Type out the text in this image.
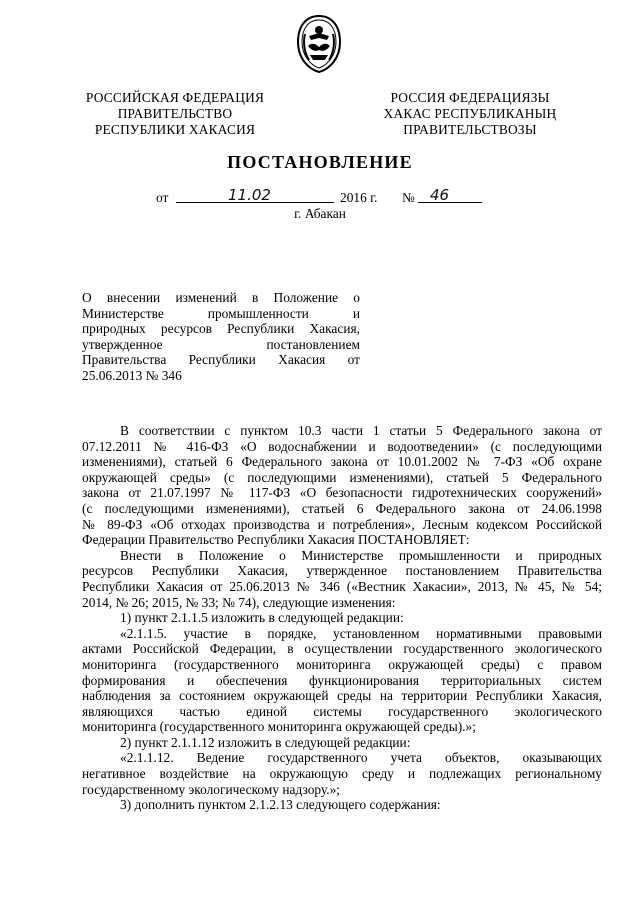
РОССИЙСКАЯ ФЕДЕРАЦИЯ
ПРАВИТЕЛЬСТВО
РЕСПУБЛИКИ ХАКАСИЯ
РОССИЯ ФЕДЕРАЦИЯЗЫ
ХАКАС РЕСПУБЛИКАНЫҢ
ПРАВИТЕЛЬСТВОЗЫ
ПОСТАНОВЛЕНИЕ
от	11.02	2016 г. № 46
г. Абакан
О внесении изменений в Положение о
Министерстве промышленности и
природных ресурсов Республики Хакасия,
утвержденное постановлением
Правительства Республики Хакасия от
25.06.2013 № 346
В соответствии с пунктом 10.3 части 1 статьи 5 Федерального закона от
07.12.2011 № 416-ФЗ «О водоснабжении и водоотведении» (с последующими
изменениями), статьей 6 Федерального закона от 10.01.2002 № 7-ФЗ «Об охране
окружающей среды» (с последующими изменениями), статьей 5 Федерального
закона от 21.07.1997 № 117-ФЗ «О безопасности гидротехнических сооружений»
(с последующими изменениями), статьей 6 Федерального закона от 24.06.1998
№ 89-ФЗ «Об отходах производства и потребления», Лесным кодексом Российской
Федерации Правительство Республики Хакасия ПОСТАНОВЛЯЕТ:
Внести в Положение о Министерстве промышленности и природных
ресурсов Республики Хакасия, утвержденное постановлением Правительства
Республики Хакасия от 25.06.2013 № 346 («Вестник Хакасии», 2013, № 45, № 54;
2014, № 26; 2015, № 33; № 74), следующие изменения:
1) пункт 2.1.1.5 изложить в следующей редакции:
«2.1.1.5. участие в порядке, установленном нормативными правовыми
актами Российской Федерации, в осуществлении государственного экологического
мониторинга (государственного мониторинга окружающей среды) с правом
формирования и обеспечения функционирования территориальных систем
наблюдения за состоянием окружающей среды на территории Республики Хакасия,
являющихся частью единой системы государственного экологического
мониторинга (государственного мониторинга окружающей среды).»;
2) пункт 2.1.1.12 изложить в следующей редакции:
«2.1.1.12. Ведение государственного учета объектов, оказывающих
негативное воздействие на окружающую среду и подлежащих региональному
государственному экологическому надзору.»;
3) дополнить пунктом 2.1.2.13 следующего содержания:
